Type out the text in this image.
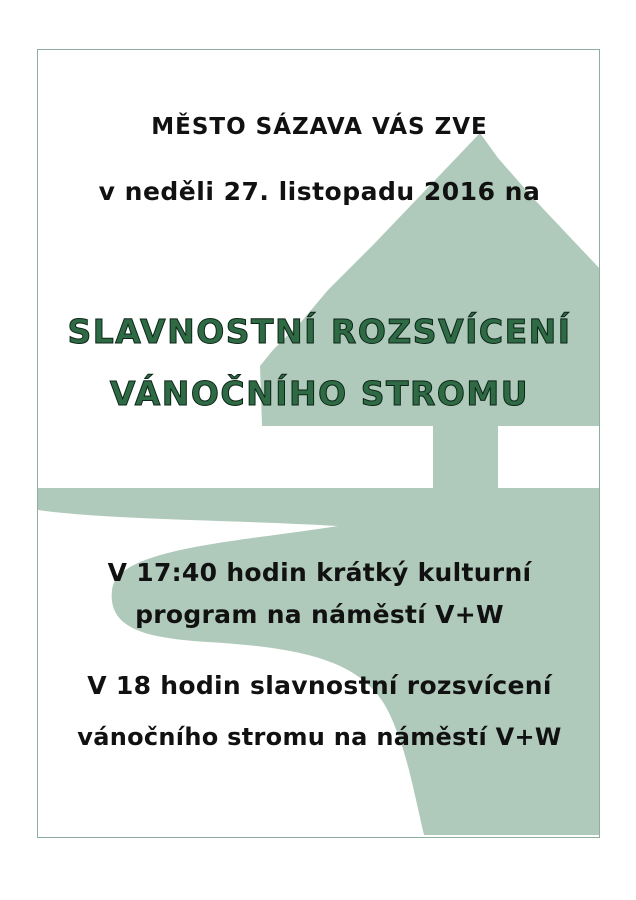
MĚSTO SÁZAVA VÁS ZVE
v neděli 27. listopadu 2016 na
SLAVNOSTNÍ ROZSVÍCENÍ
VÁNOČNÍHO STROMU
V 17:40 hodin krátký kulturní
program na náměstí V+W
V 18 hodin slavnostní rozsvícení
vánočního stromu na náměstí V+W
